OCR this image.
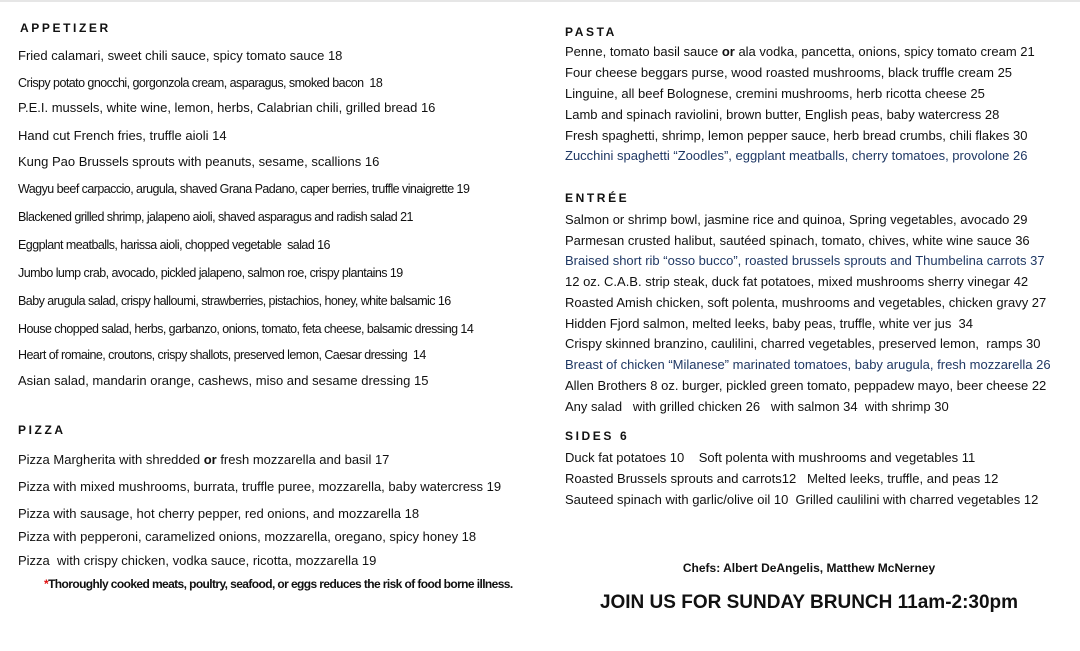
APPETIZER
Fried calamari, sweet chili sauce, spicy tomato sauce 18
Crispy potato gnocchi, gorgonzola cream, asparagus, smoked bacon  18
P.E.I. mussels, white wine, lemon, herbs, Calabrian chili, grilled bread 16
Hand cut French fries, truffle aioli 14
Kung Pao Brussels sprouts with peanuts, sesame, scallions 16
Wagyu beef carpaccio, arugula, shaved Grana Padano, caper berries, truffle vinaigrette 19
Blackened grilled shrimp, jalapeno aioli, shaved asparagus and radish salad 21
Eggplant meatballs, harissa aioli, chopped vegetable  salad 16
Jumbo lump crab, avocado, pickled jalapeno, salmon roe, crispy plantains 19
Baby arugula salad, crispy halloumi, strawberries, pistachios, honey, white balsamic 16
House chopped salad, herbs, garbanzo, onions, tomato, feta cheese, balsamic dressing 14
Heart of romaine, croutons, crispy shallots, preserved lemon, Caesar dressing  14
Asian salad, mandarin orange, cashews, miso and sesame dressing 15
PIZZA
Pizza Margherita with shredded or fresh mozzarella and basil 17
Pizza with mixed mushrooms, burrata, truffle puree, mozzarella, baby watercress 19
Pizza with sausage, hot cherry pepper, red onions, and mozzarella 18
Pizza with pepperoni, caramelized onions, mozzarella, oregano, spicy honey 18
Pizza  with crispy chicken, vodka sauce, ricotta, mozzarella 19
*Thoroughly cooked meats, poultry, seafood, or eggs reduces the risk of food borne illness.
PASTA
Penne, tomato basil sauce or ala vodka, pancetta, onions, spicy tomato cream 21
Four cheese beggars purse, wood roasted mushrooms, black truffle cream 25
Linguine, all beef Bolognese, cremini mushrooms, herb ricotta cheese 25
Lamb and spinach raviolini, brown butter, English peas, baby watercress 28
Fresh spaghetti, shrimp, lemon pepper sauce, herb bread crumbs, chili flakes 30
Zucchini spaghetti “Zoodles”, eggplant meatballs, cherry tomatoes, provolone 26
ENTRÉE
Salmon or shrimp bowl, jasmine rice and quinoa, Spring vegetables, avocado 29
Parmesan crusted halibut, sautéed spinach, tomato, chives, white wine sauce 36
Braised short rib “osso bucco”, roasted brussels sprouts and Thumbelina carrots 37
12 oz. C.A.B. strip steak, duck fat potatoes, mixed mushrooms sherry vinegar 42
Roasted Amish chicken, soft polenta, mushrooms and vegetables, chicken gravy 27
Hidden Fjord salmon, melted leeks, baby peas, truffle, white ver jus  34
Crispy skinned branzino, caulilini, charred vegetables, preserved lemon,  ramps 30
Breast of chicken “Milanese” marinated tomatoes, baby arugula, fresh mozzarella 26
Allen Brothers 8 oz. burger, pickled green tomato, peppadew mayo, beer cheese 22
Any salad   with grilled chicken 26   with salmon 34  with shrimp 30
SIDES 6
Duck fat potatoes 10    Soft polenta with mushrooms and vegetables 11
Roasted Brussels sprouts and carrots12   Melted leeks, truffle, and peas 12
Sauteed spinach with garlic/olive oil 10  Grilled caulilini with charred vegetables 12
Chefs: Albert DeAngelis, Matthew McNerney
JOIN US FOR SUNDAY BRUNCH 11am-2:30pm
